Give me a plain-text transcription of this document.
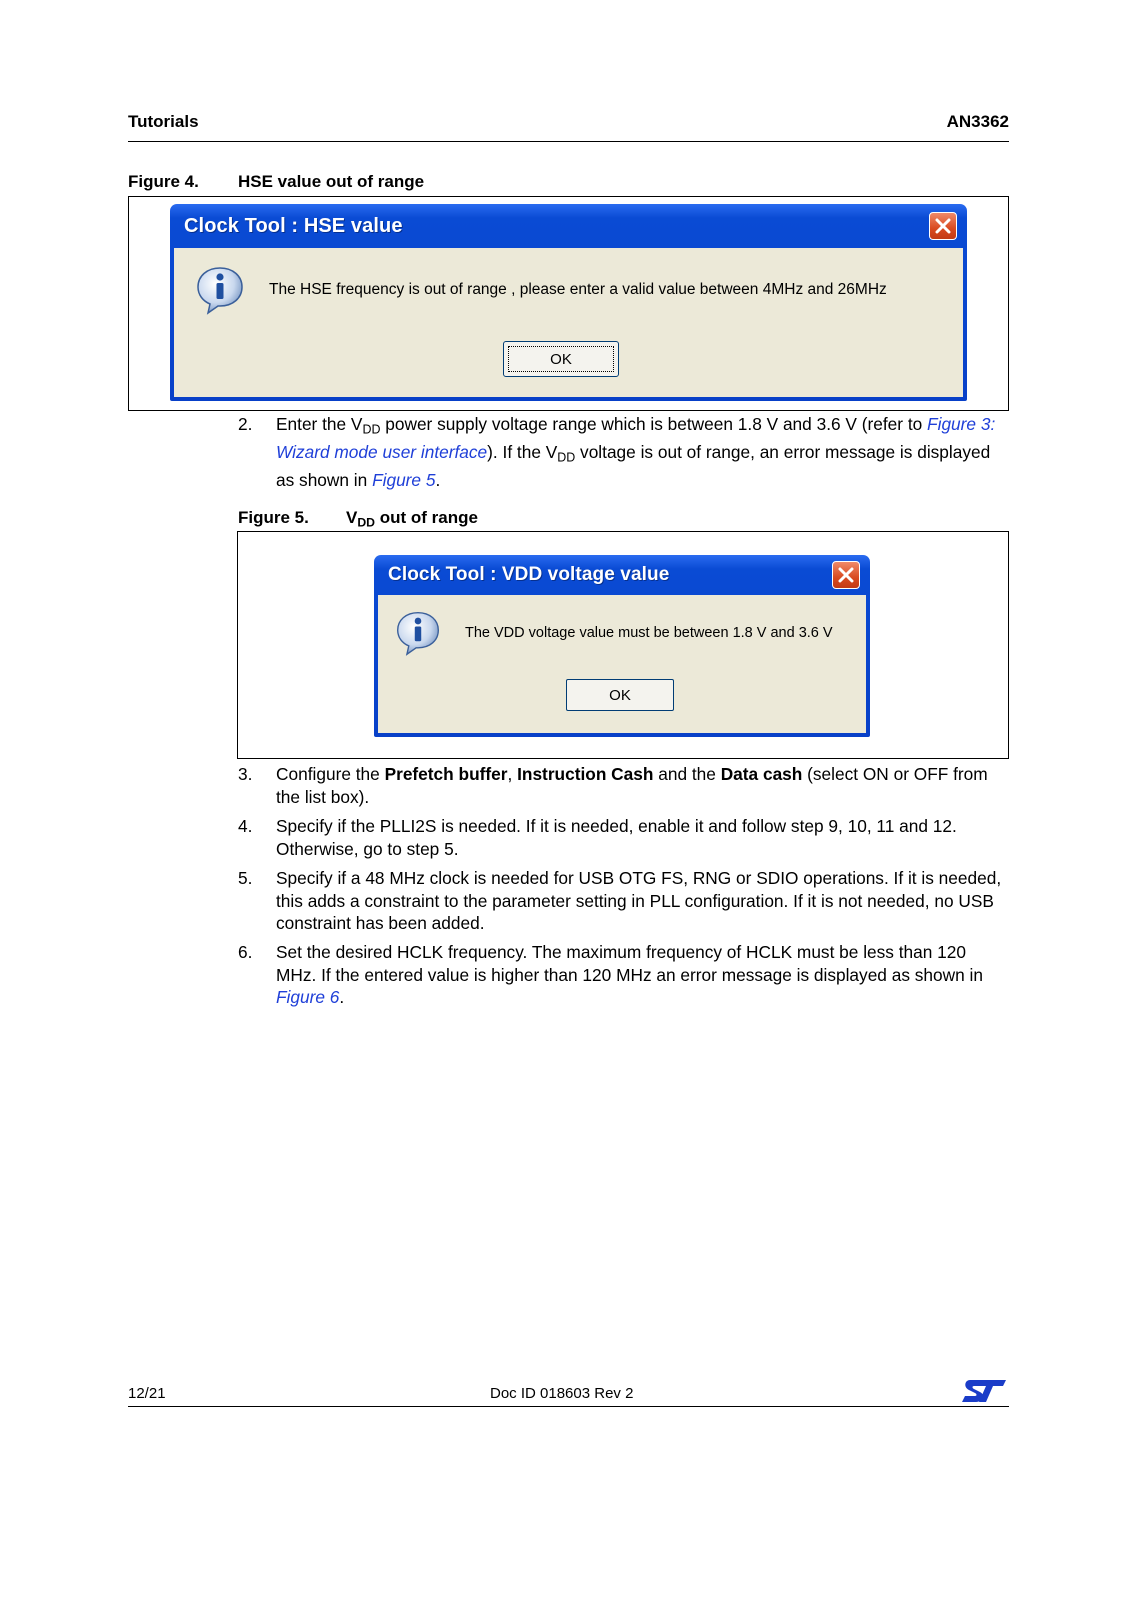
Tutorials	AN3362
Figure 4. HSE value out of range
Clock Tool : HSE value
The HSE frequency is out of range , please enter a valid value between 4MHz and 26MHz
OK
2. Enter the $V_{DD}$ power supply voltage range which is between 1.8 V and 3.6 V (refer to Figure 3: Wizard mode user interface). If the $V_{DD}$ voltage is out of range, an error message is displayed as shown in Figure 5.
Figure 5. $V_{DD}$ out of range
Clock Tool : VDD voltage value
The VDD voltage value must be between 1.8 V and 3.6 V
OK
3. Configure the Prefetch buffer, Instruction Cash and the Data cash (select ON or OFF from the list box).
4. Specify if the PLLI2S is needed. If it is needed, enable it and follow step 9, 10, 11 and 12. Otherwise, go to step 5.
5. Specify if a 48 MHz clock is needed for USB OTG FS, RNG or SDIO operations. If it is needed, this adds a constraint to the parameter setting in PLL configuration. If it is not needed, no USB constraint has been added.
6. Set the desired HCLK frequency. The maximum frequency of HCLK must be less than 120 MHz. If the entered value is higher than 120 MHz an error message is displayed as shown in Figure 6.
12/21	Doc ID 018603 Rev 2
